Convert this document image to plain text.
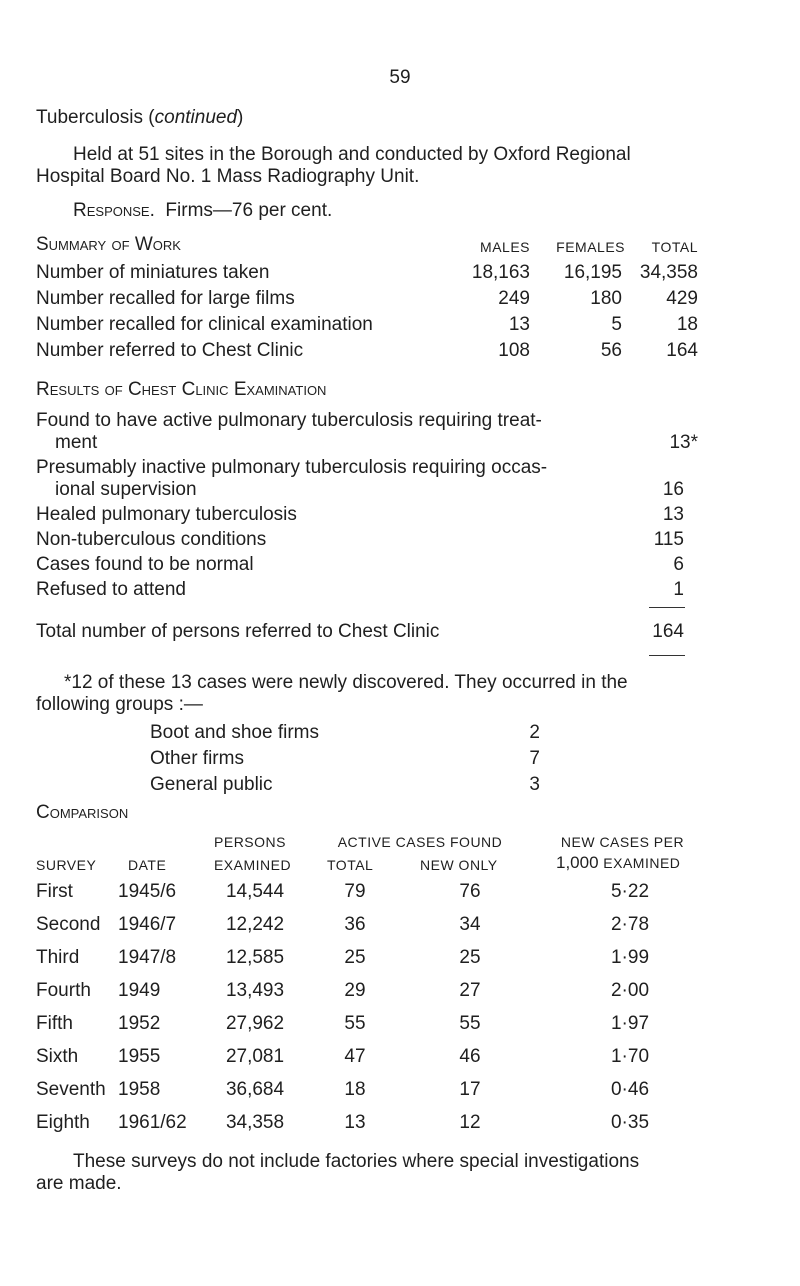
59
Tuberculosis (continued)
Held at 51 sites in the Borough and conducted by Oxford Regional
Hospital Board No. 1 Mass Radiography Unit.
Response. Firms—76 per cent.
Summary of Work	MALES	FEMALES	TOTAL
Number of miniatures taken	18,163	16,195 34,358
Number recalled for large films	249	180	429
Number recalled for clinical examination	13	5	18
Number referred to Chest Clinic	108	56	164
Results of Chest Clinic Examination
Found to have active pulmonary tuberculosis requiring treat-
ment	13*
Presumably inactive pulmonary tuberculosis requiring occas-
ional supervision	16
Healed pulmonary tuberculosis	13
Non-tuberculous conditions	115
Cases found to be normal	6
Refused to attend	1
Total number of persons referred to Chest Clinic	164
*12 of these 13 cases were newly discovered. They occurred in the
following groups :—
Boot and shoe firms	2
Other firms	7
General public	3
Comparison
PERSONS	ACTIVE CASES FOUND	NEW CASES PER
SURVEY DATE	EXAMINED	TOTAL	NEW ONLY	1,000 EXAMINED
First 1945/6	14,544	79	76	5·22
Second 1946/7	12,242	36	34	2·78
Third 1947/8	12,585	25	25	1·99
Fourth 1949	13,493	29	27	2·00
Fifth 1952	27,962	55	55	1·97
Sixth 1955	27,081	47	46	1·70
Seventh 1958	36,684	18	17	0·46
Eighth 1961/62	34,358	13	12	0·35
These surveys do not include factories where special investigations
are made.
